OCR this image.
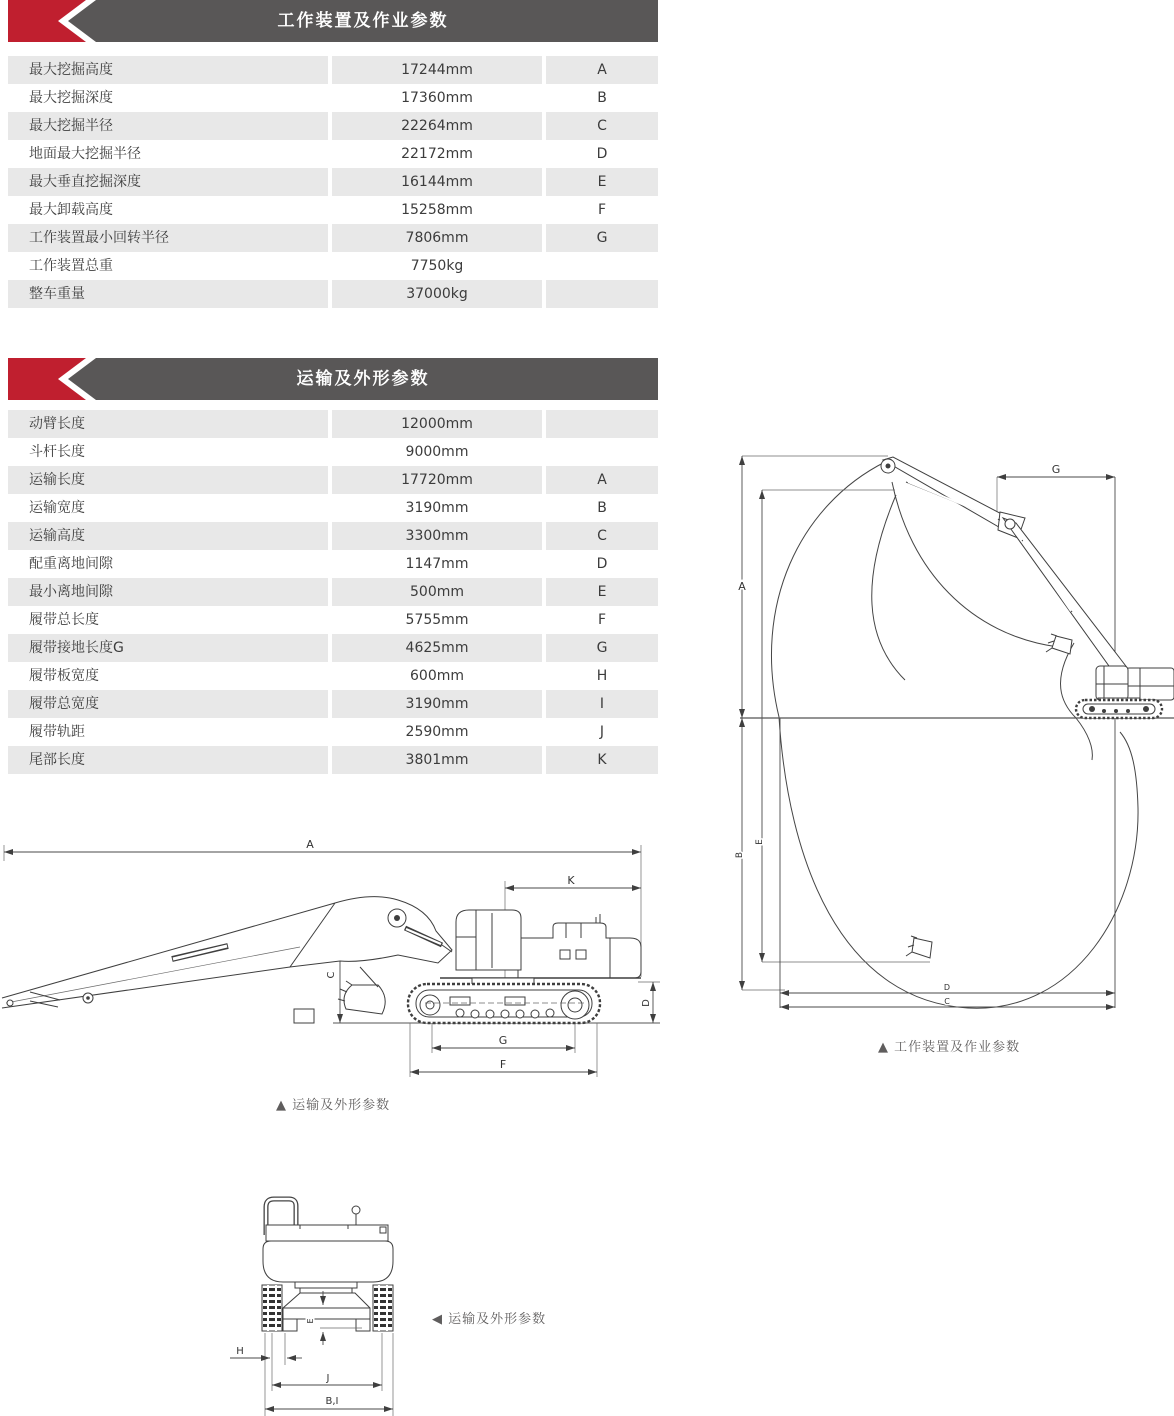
工作装置及作业参数
最大挖掘高度	17244mm	A
最大挖掘深度	17360mm	B
最大挖掘半径	22264mm	C
地面最大挖掘半径	22172mm	D
最大垂直挖掘深度	16144mm	E
最大卸载高度	15258mm	F
工作装置最小回转半径	7806mm	G
工作装置总重	7750kg
整车重量	37000kg
运输及外形参数
动臂长度	12000mm
斗杆长度	9000mm
运输长度	17720mm	A
运输宽度	3190mm	B
运输高度	3300mm	C
配重离地间隙	1147mm	D
最小离地间隙	500mm	E
履带总长度	5755mm	F
履带接地长度G	4625mm	G
履带板宽度	600mm	H
履带总宽度	3190mm	I
履带轨距	2590mm	J
尾部长度	3801mm	K
A
G
B
E
D
C
A
K
C
D
G
F
E
H
J
B,I
▲ 工作装置及作业参数
▲ 运输及外形参数
◀ 运输及外形参数
